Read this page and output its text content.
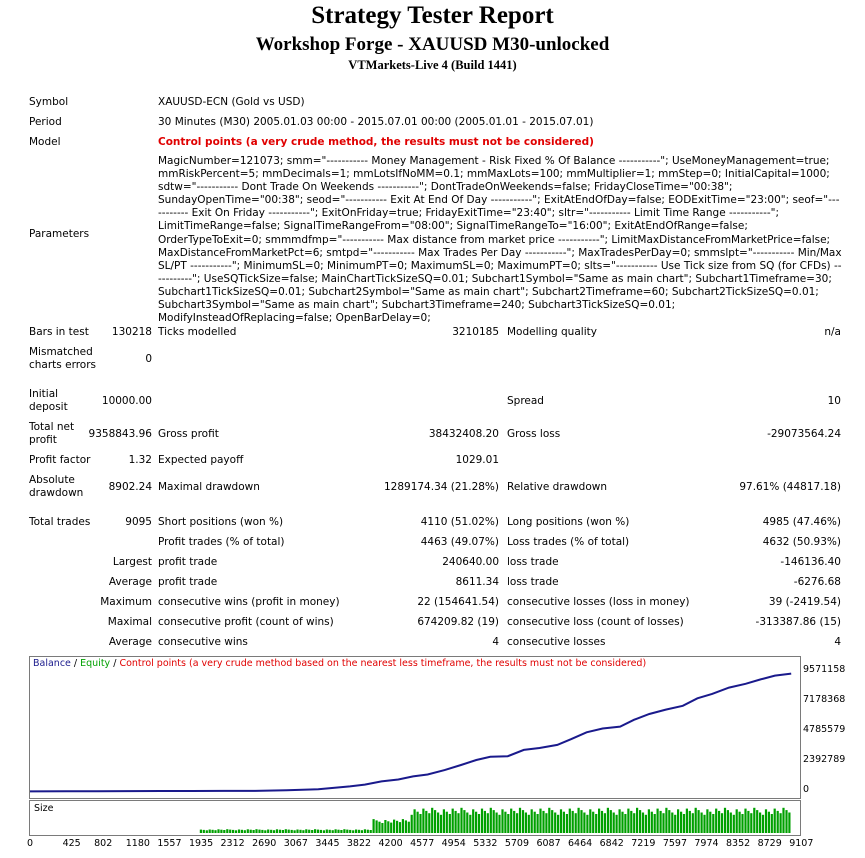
Strategy Tester Report
Workshop Forge - XAUUSD M30-unlocked
VTMarkets-Live 4 (Build 1441)
Symbol	XAUUSD-ECN (Gold vs USD)
Period	30 Minutes (M30) 2005.01.03 00:00 - 2015.07.01 00:00 (2005.01.01 - 2015.07.01)
Model	Control points (a very crude method, the results must not be considered)
Parameters
MagicNumber=121073; smm="----------- Money Management - Risk Fixed % Of Balance -----------"; UseMoneyManagement=true; mmRiskPercent=5; mmDecimals=1; mmLotsIfNoMM=0.1; mmMaxLots=100; mmMultiplier=1; mmStep=0; InitialCapital=1000; sdtw="----------- Dont Trade On Weekends -----------"; DontTradeOnWeekends=false; FridayCloseTime="00:38"; SundayOpenTime="00:38"; seod="----------- Exit At End Of Day -----------"; ExitAtEndOfDay=false; EODExitTime="23:00"; seof="----------- Exit On Friday -----------"; ExitOnFriday=true; FridayExitTime="23:40"; sltr="----------- Limit Time Range -----------"; LimitTimeRange=false; SignalTimeRangeFrom="08:00"; SignalTimeRangeTo="16:00"; ExitAtEndOfRange=false; OrderTypeToExit=0; smmmdfmp="----------- Max distance from market price -----------"; LimitMaxDistanceFromMarketPrice=false; MaxDistanceFromMarketPct=6; smtpd="----------- Max Trades Per Day -----------"; MaxTradesPerDay=0; smmslpt="----------- Min/Max SL/PT -----------"; MinimumSL=0; MinimumPT=0; MaximumSL=0; MaximumPT=0; slts="----------- Use Tick size from SQ (for CFDs) -----------"; UseSQTickSize=false; MainChartTickSizeSQ=0.01; Subchart1Symbol="Same as main chart"; Subchart1Timeframe=30; Subchart1TickSizeSQ=0.01; Subchart2Symbol="Same as main chart"; Subchart2Timeframe=60; Subchart2TickSizeSQ=0.01; Subchart3Symbol="Same as main chart"; Subchart3Timeframe=240; Subchart3TickSizeSQ=0.01; ModifyInsteadOfReplacing=false; OpenBarDelay=0;
Bars in test	130218 Ticks modelled	3210185 Modelling quality	n/a
Mismatched
charts errors	0
Initial
deposit	10000.00	Spread	10
Total net
profit	9358843.96 Gross profit	38432408.20 Gross loss	-29073564.24
Profit factor	1.32 Expected payoff	1029.01
Absolute
drawdown	8902.24 Maximal drawdown	1289174.34 (21.28%) Relative drawdown	97.61% (44817.18)
Total trades	9095 Short positions (won %)	4110 (51.02%) Long positions (won %)	4985 (47.46%)
Profit trades (% of total)	4463 (49.07%) Loss trades (% of total)	4632 (50.93%)
Largest profit trade	240640.00 loss trade	-146136.40
Average profit trade	8611.34 loss trade	-6276.68
Maximum consecutive wins (profit in money)	22 (154641.54) consecutive losses (loss in money)	39 (-2419.54)
Maximal consecutive profit (count of wins)	674209.82 (19) consecutive loss (count of losses)	-313387.86 (15)
Average consecutive wins	4 consecutive losses	4
Balance / Equity / Control points (a very crude method based on the nearest less timeframe, the results must not be considered)
9571158
7178368
4785579
2392789
0
Size
0	425 802 1180 1557 1935 2312 2690 3067 3445 3822 4200 4577 4954 5332 5709 6087 6464 6842 7219 7597 7974 8352 8729 9107
